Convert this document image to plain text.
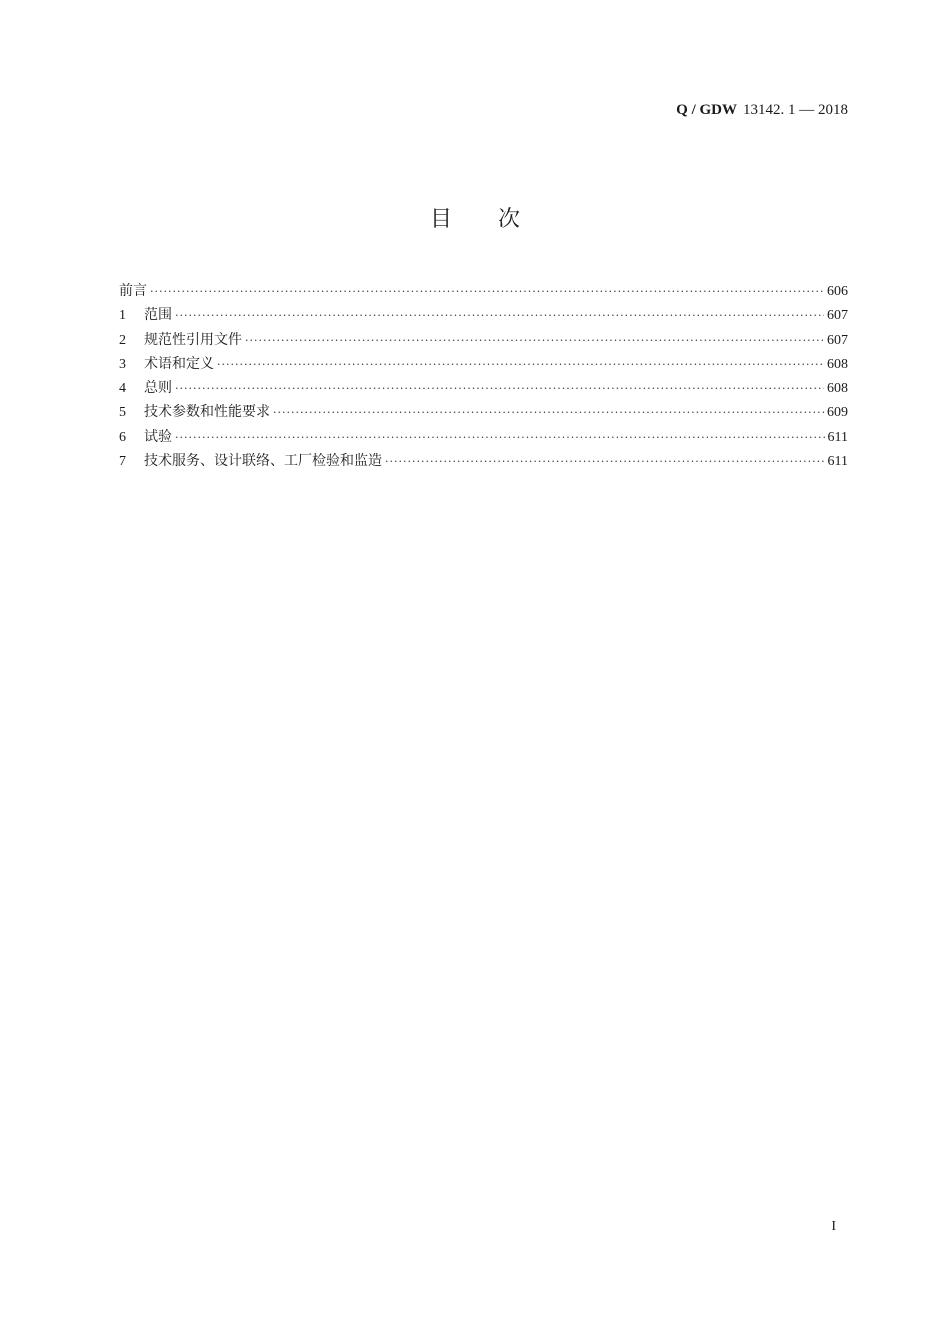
Q / GDW 13142. 1 — 2018
目次
前言 ·····	606
1	范围 ·····	607
2	规范性引用文件 ·····	607
3	术语和定义 ·····	608
4	总则 ·····	608
5	技术参数和性能要求 ·····	609
6	试验 ·····	611
7	技术服务、设计联络、工厂检验和监造 ·····	611
I
